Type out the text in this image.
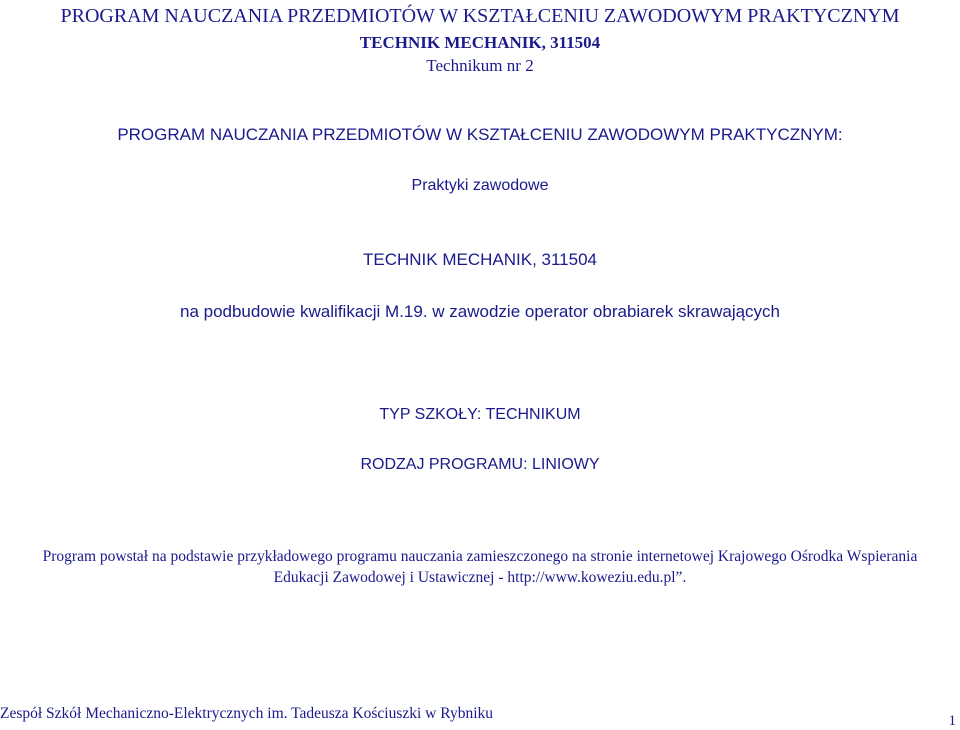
PROGRAM NAUCZANIA PRZEDMIOTÓW W KSZTAŁCENIU ZAWODOWYM PRAKTYCZNYM
TECHNIK MECHANIK, 311504
Technikum nr 2
PROGRAM NAUCZANIA PRZEDMIOTÓW W KSZTAŁCENIU ZAWODOWYM PRAKTYCZNYM:
Praktyki zawodowe
TECHNIK MECHANIK, 311504
na podbudowie kwalifikacji M.19. w zawodzie operator obrabiarek skrawających
TYP SZKOŁY: TECHNIKUM
RODZAJ PROGRAMU: LINIOWY
Program powstał na podstawie przykładowego programu nauczania zamieszczonego na stronie internetowej Krajowego Ośrodka Wspierania
Edukacji Zawodowej i Ustawicznej - http://www.koweziu.edu.pl”.
Zespół Szkół Mechaniczno-Elektrycznych im. Tadeusza Kościuszki w Rybniku	1
